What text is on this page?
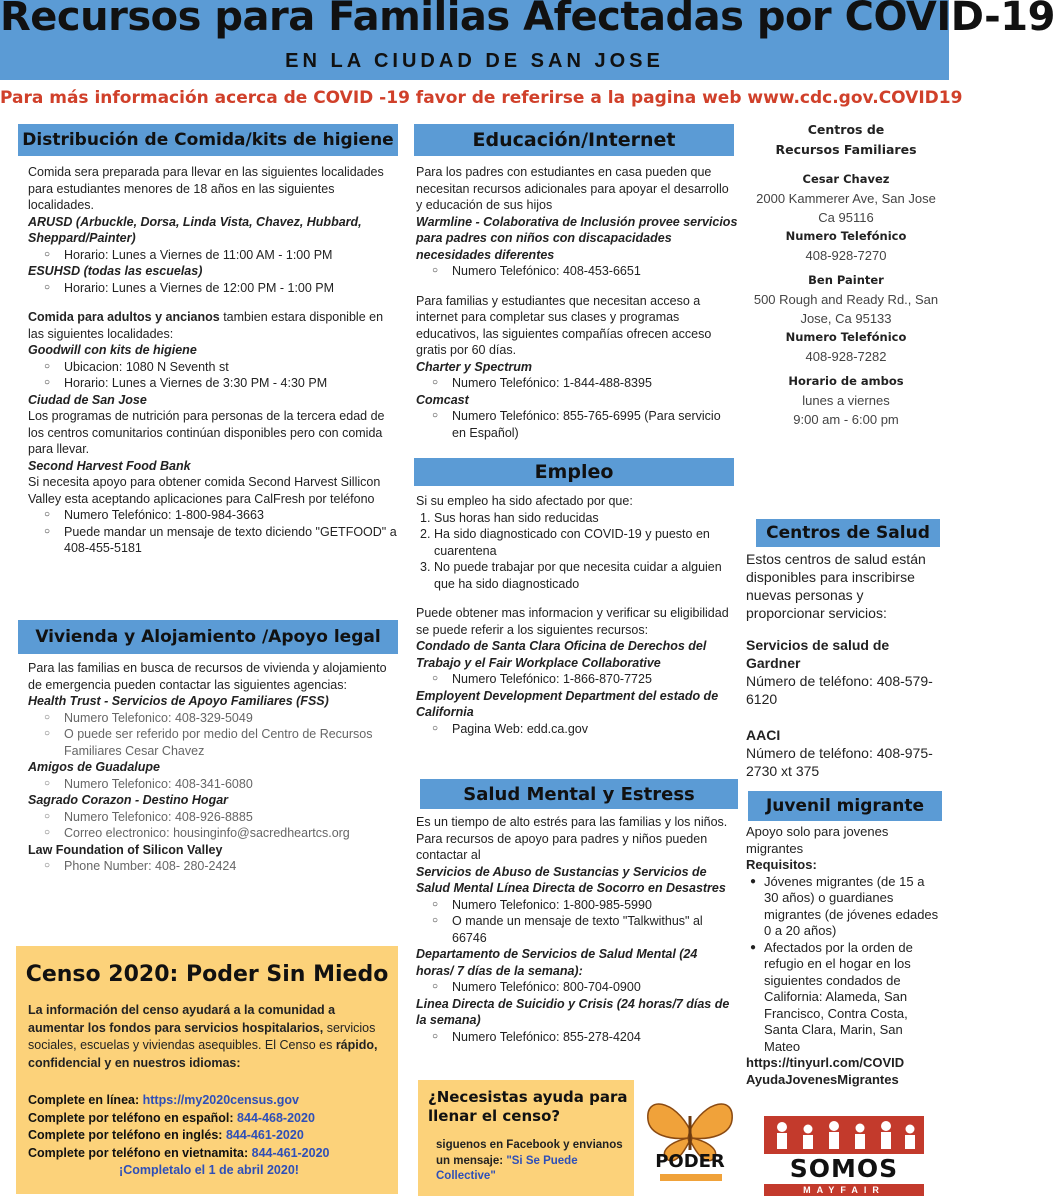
Recursos para Familias Afectadas por COVID-19
EN LA CIUDAD DE SAN JOSE
Para más información acerca de COVID -19 favor de referirse a la pagina web www.cdc.gov.COVID19
Distribución de Comida/kits de higiene

Comida sera preparada para llevar en las siguientes localidades para estudiantes menores de 18 años en las siguientes localidades.

ARUSD (Arbuckle, Dorsa, Linda Vista, Chavez, Hubbard, Sheppard/Painter)

○ Horario: Lunes a Viernes de 11:00 AM - 1:00 PM

ESUHSD (todas las escuelas)

○ Horario: Lunes a Viernes de 12:00 PM - 1:00 PM

Comida para adultos y ancianos tambien estara disponible en las siguientes localidades:

Goodwill con kits de higiene

○ Ubicacion: 1080 N Seventh st
○ Horario: Lunes a Viernes de 3:30 PM - 4:30 PM

Ciudad de San Jose

Los programas de nutrición para personas de la tercera edad de los centros comunitarios continúan disponibles pero con comida para llevar.

Second Harvest Food Bank

Si necesita apoyo para obtener comida Second Harvest Sillicon Valley esta aceptando aplicaciones para CalFresh por teléfono

○ Numero Telefónico: 1-800-984-3663
○ Puede mandar un mensaje de texto diciendo "GETFOOD" a 408-455-5181
Vivienda y Alojamiento /Apoyo legal

Para las familias en busca de recursos de vivienda y alojamiento de emergencia pueden contactar las siguientes agencias:

Health Trust - Servicios de Apoyo Familiares (FSS)

○ Numero Telefonico: 408-329-5049
○ O puede ser referido por medio del Centro de Recursos Familiares Cesar Chavez

Amigos de Guadalupe

○ Numero Telefonico: 408-341-6080

Sagrado Corazon - Destino Hogar

○ Numero Telefonico: 408-926-8885
○ Correo electronico: housinginfo@sacredheartcs.org

Law Foundation of Silicon Valley

○ Phone Number: 408- 280-2424
Educación/Internet

Para los padres con estudiantes en casa pueden que necesitan recursos adicionales para apoyar el desarrollo y educación de sus hijos

Warmline - Colaborativa de Inclusión provee servicios para padres con niños con discapacidades necesidades diferentes

○ Numero Telefónico: 408-453-6651

Para familias y estudiantes que necesitan acceso a internet para completar sus clases y programas educativos, las siguientes compañías ofrecen acceso gratis por 60 días.

Charter y Spectrum

○ Numero Telefónico: 1-844-488-8395

Comcast

○ Numero Telefónico: 855-765-6995 (Para servicio en Español)
Empleo

Si su empleo ha sido afectado por que:

1. Sus horas han sido reducidas
2. Ha sido diagnosticado con COVID-19 y puesto en cuarentena
3. No puede trabajar por que necesita cuidar a alguien que ha sido diagnosticado

Puede obtener mas informacion y verificar su eligibilidad se puede referir a los siguientes recursos:

Condado de Santa Clara Oficina de Derechos del Trabajo y el Fair Workplace Collaborative

○ Numero Telefónico: 1-866-870-7725

Employent Development Department del estado de California

○ Pagina Web: edd.ca.gov
Salud Mental y Estress

Es un tiempo de alto estrés para las familias y los niños. Para recursos de apoyo para padres y niños pueden contactar al

Servicios de Abuso de Sustancias y Servicios de Salud Mental Línea Directa de Socorro en Desastres

○ Numero Telefonico: 1-800-985-5990
○ O mande un mensaje de texto "Talkwithus" al 66746

Departamento de Servicios de Salud Mental (24 horas/ 7 días de la semana):

○ Numero Telefónico: 800-704-0900

Linea Directa de Suicidio y Crisis (24 horas/7 días de la semana)

○ Numero Telefónico: 855-278-4204
Centros de Recursos Familiares
Cesar Chavez
2000 Kammerer Ave, San Jose Ca 95116
Numero Telefónico
408-928-7270
Ben Painter
500 Rough and Ready Rd., San Jose, Ca 95133
Numero Telefónico
408-928-7282
Horario de ambos
lunes a viernes
9:00 am - 6:00 pm
Centros de Salud

Estos centros de salud están disponibles para inscribirse nuevas personas y proporcionar servicios:

Servicios de salud de Gardner

Número de teléfono: 408-579-6120

AACI

Número de teléfono: 408-975-2730 xt 375

Juvenil migrante

Apoyo solo para jovenes migrantes

Requisitos:

● Jóvenes migrantes (de 15 a 30 años) o guardianes migrantes (de jóvenes edades 0 a 20 años)
● Afectados por la orden de refugio en el hogar en los siguientes condados de California: Alameda, San Francisco, Contra Costa, Santa Clara, Marin, San Mateo

https://tinyurl.com/COVID

AyudaJovenesMigrantes

Censo 2020: Poder Sin Miedo
La información del censo ayudará a la comunidad a aumentar los fondos para servicios hospitalarios, servicios sociales, escuelas y viviendas asequibles. El Censo es rápido, confidencial y en nuestros idiomas:
Complete en línea: https://my2020census.gov
Complete por teléfono en español: 844-468-2020
Complete por teléfono en inglés: 844-461-2020
Complete por teléfono en vietnamita: 844-461-2020
¡Completalo el 1 de abril 2020!
¿Necesistas ayuda para llenar el censo?
siguenos en Facebook y envianos un mensaje: "Si Se Puede Collective"
PODER	SOMOS
MAYFAIR
